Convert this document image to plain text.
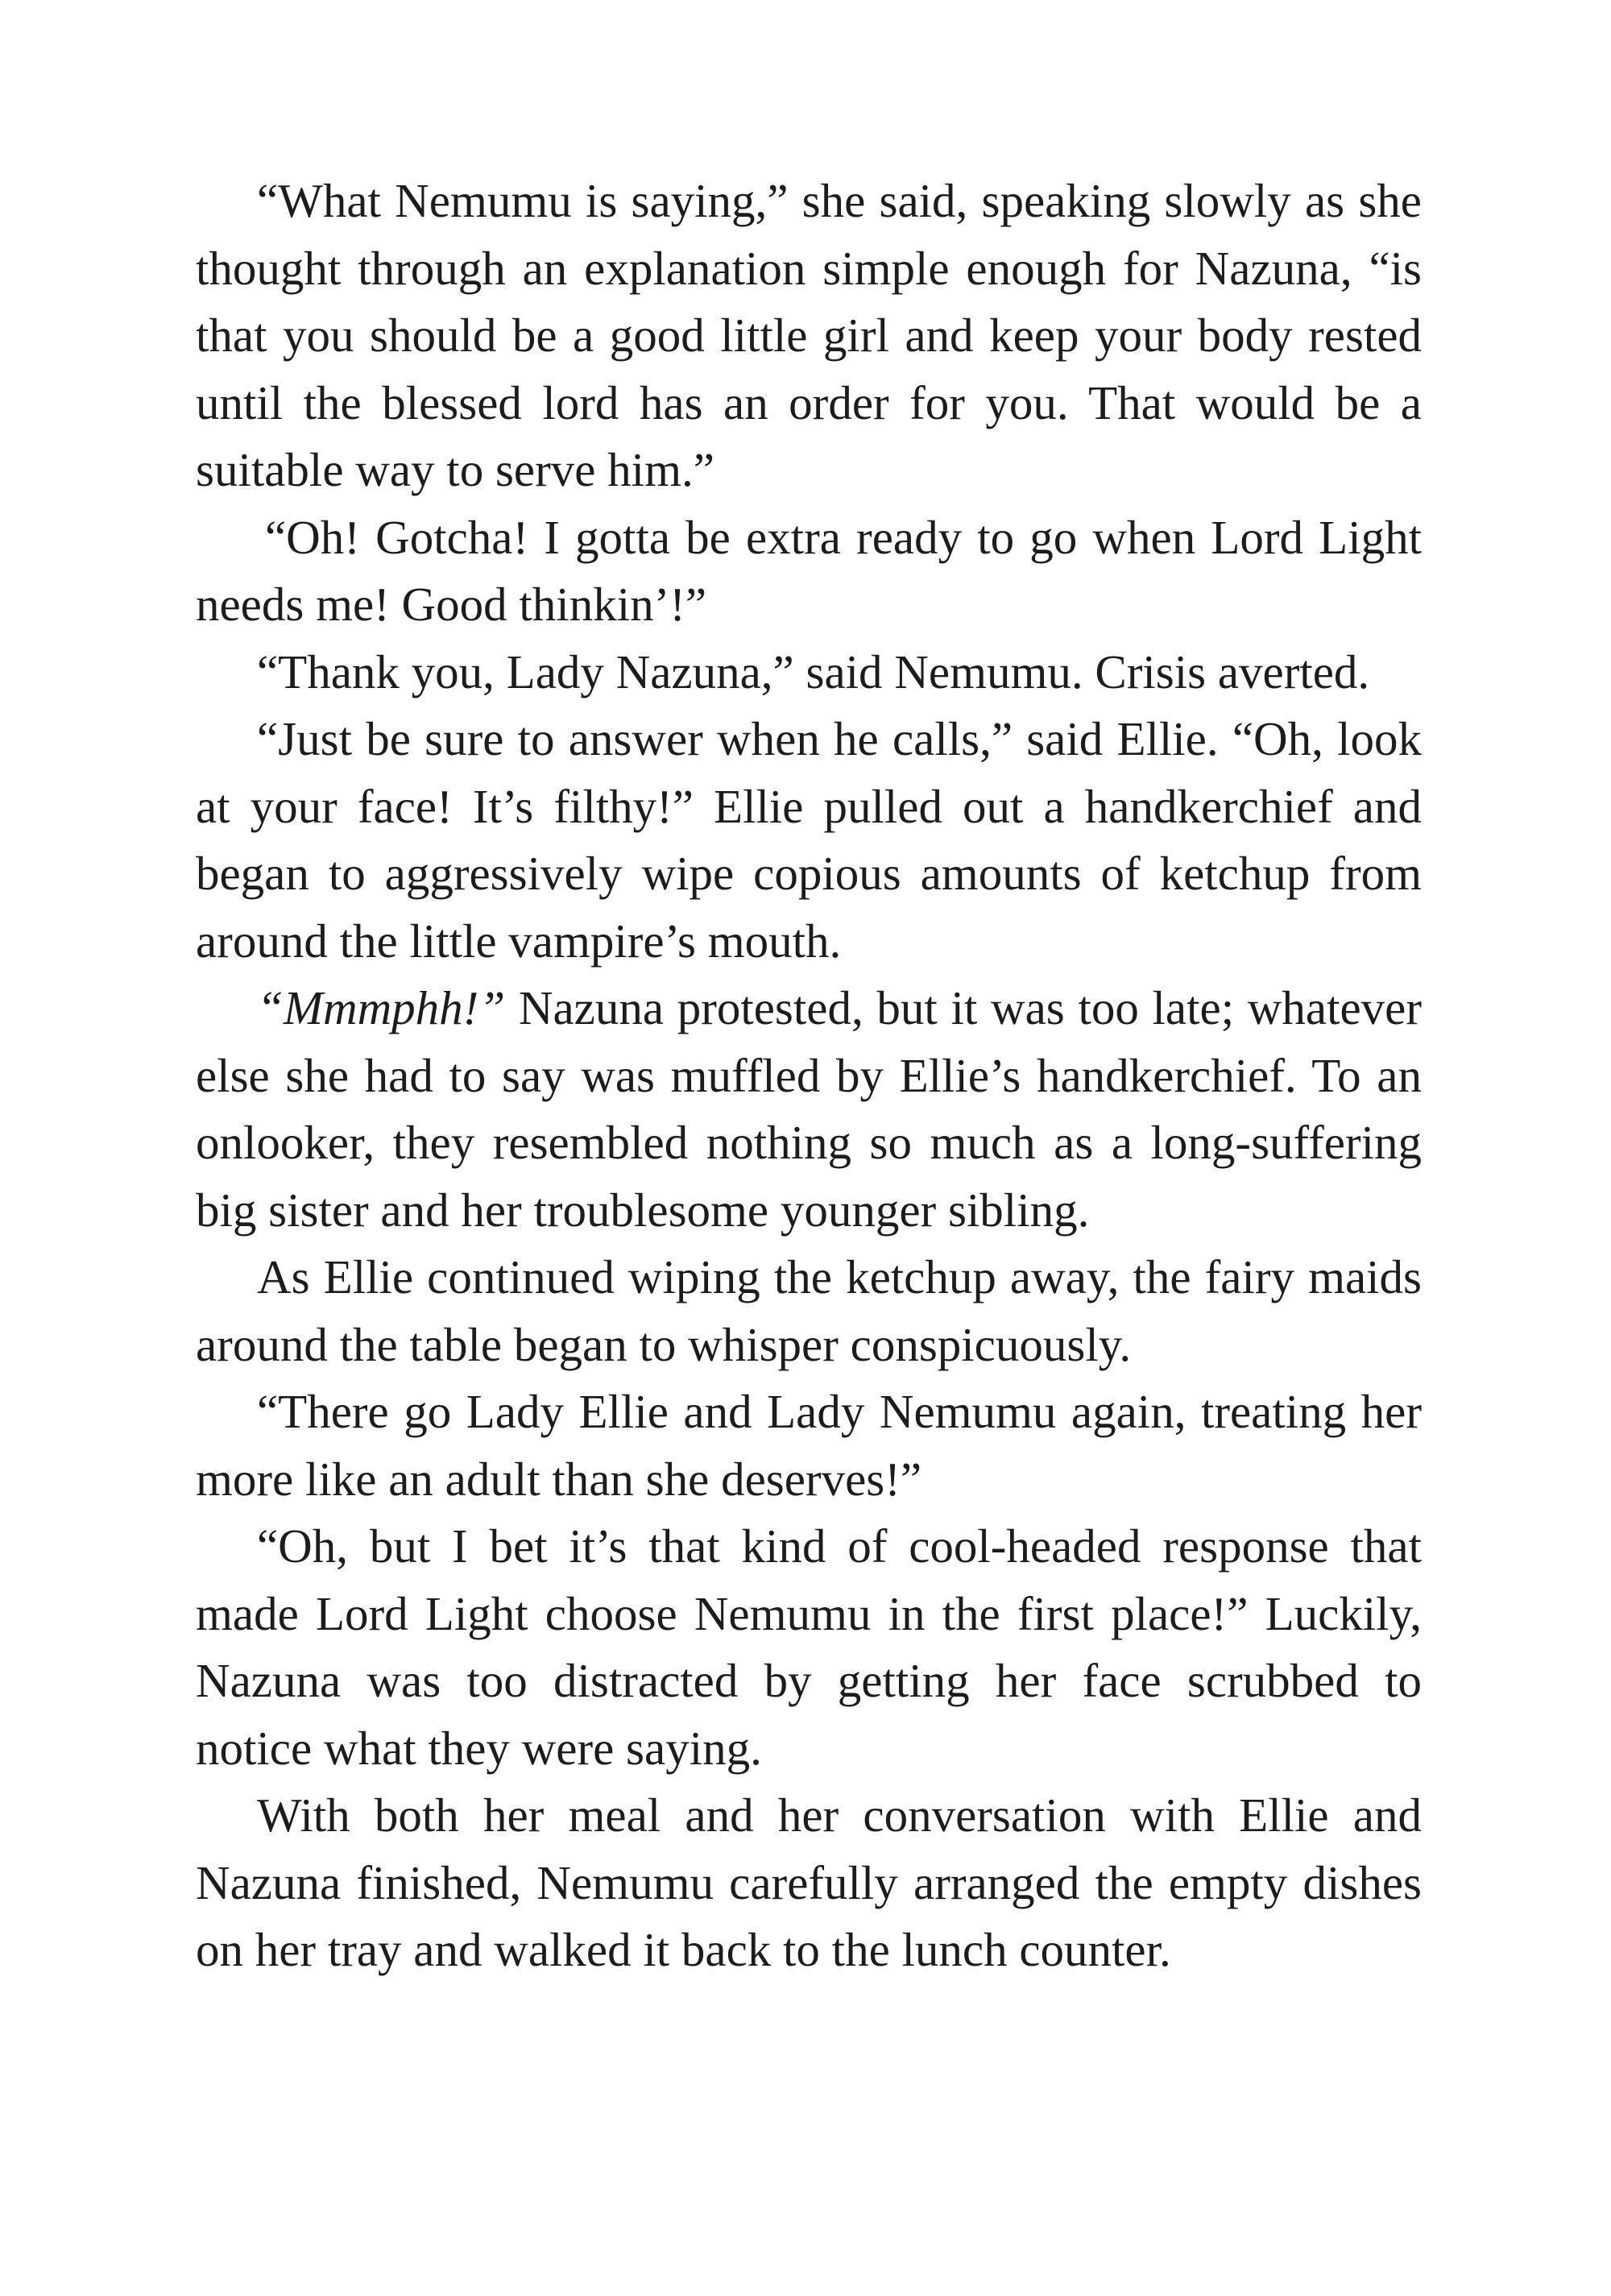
“What Nemumu is saying,” she said, speaking slowly as she thought through an explanation simple enough for Nazuna, “is that you should be a good little girl and keep your body rested until the blessed lord has an order for you. That would be a suitable way to serve him.”

“Oh! Gotcha! I gotta be extra ready to go when Lord Light needs me! Good thinkin’!”

“Thank you, Lady Nazuna,” said Nemumu. Crisis averted.

“Just be sure to answer when he calls,” said Ellie. “Oh, look at your face! It’s filthy!” Ellie pulled out a handkerchief and began to aggressively wipe copious amounts of ketchup from around the little vampire’s mouth.

“Mmmphh!” Nazuna protested, but it was too late; whatever else she had to say was muffled by Ellie’s handkerchief. To an onlooker, they resembled nothing so much as a long-suffering big sister and her troublesome younger sibling.

As Ellie continued wiping the ketchup away, the fairy maids around the table began to whisper conspicuously.

“There go Lady Ellie and Lady Nemumu again, treating her more like an adult than she deserves!”

“Oh, but I bet it’s that kind of cool-headed response that made Lord Light choose Nemumu in the first place!” Luckily, Nazuna was too distracted by getting her face scrubbed to notice what they were saying.

With both her meal and her conversation with Ellie and Nazuna finished, Nemumu carefully arranged the empty dishes on her tray and walked it back to the lunch counter.
